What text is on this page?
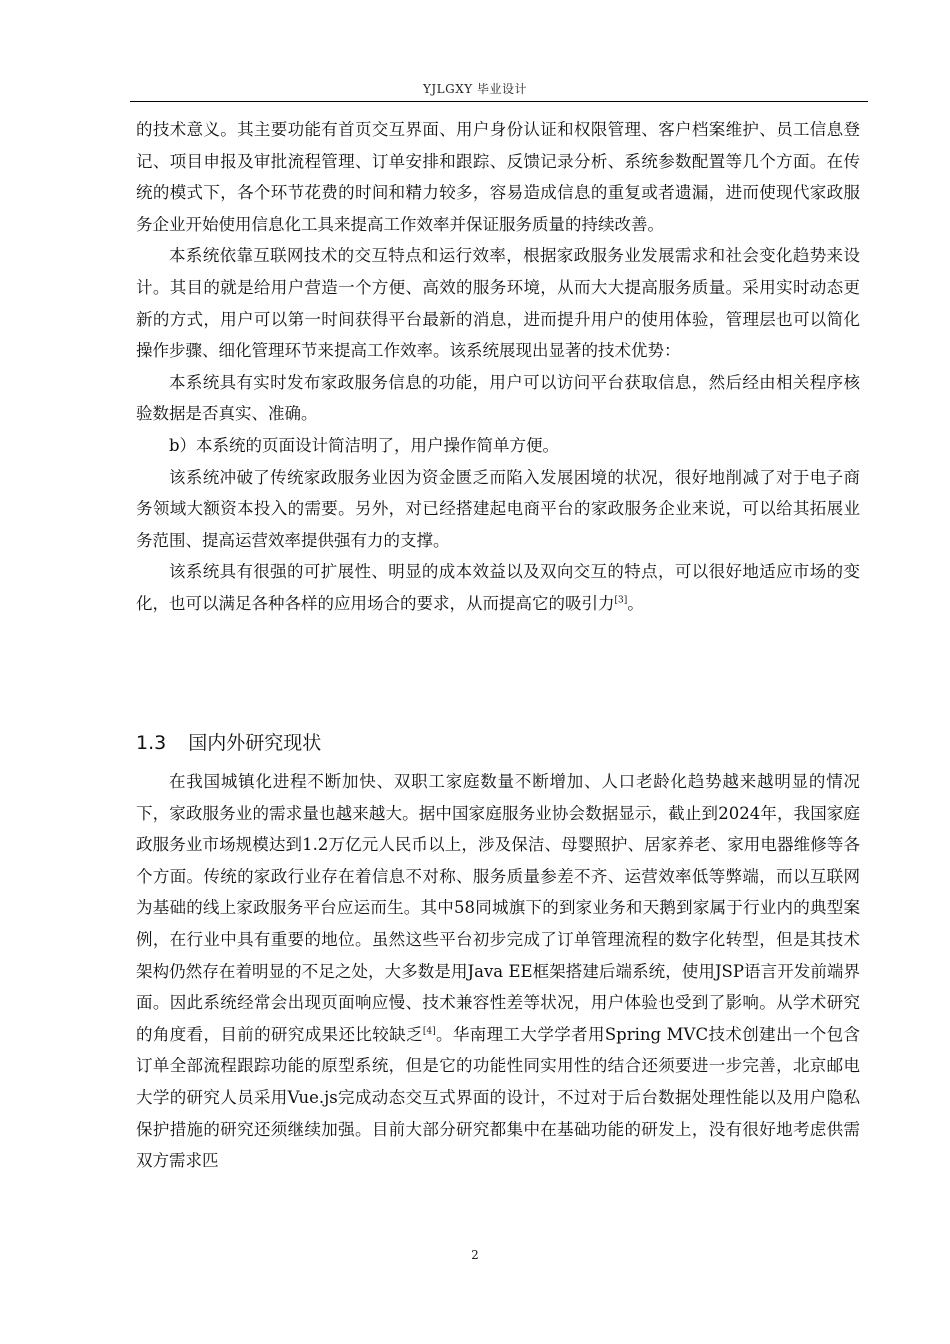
YJLGXY 毕业设计

的技术意义。其主要功能有首页交互界面、用户身份认证和权限管理、客户档案维护、员工信息登记、项目申报及审批流程管理、订单安排和跟踪、反馈记录分析、系统参数配置等几个方面。在传统的模式下，各个环节花费的时间和精力较多，容易造成信息的重复或者遗漏，进而使现代家政服务企业开始使用信息化工具来提高工作效率并保证服务质量的持续改善。

本系统依靠互联网技术的交互特点和运行效率，根据家政服务业发展需求和社会变化趋势来设计。其目的就是给用户营造一个方便、高效的服务环境，从而大大提高服务质量。采用实时动态更新的方式，用户可以第一时间获得平台最新的消息，进而提升用户的使用体验，管理层也可以简化操作步骤、细化管理环节来提高工作效率。该系统展现出显著的技术优势：

本系统具有实时发布家政服务信息的功能，用户可以访问平台获取信息，然后经由相关程序核验数据是否真实、准确。

b）本系统的页面设计简洁明了，用户操作简单方便。

该系统冲破了传统家政服务业因为资金匮乏而陷入发展困境的状况，很好地削减了对于电子商务领域大额资本投入的需要。另外，对已经搭建起电商平台的家政服务企业来说，可以给其拓展业务范围、提高运营效率提供强有力的支撑。

该系统具有很强的可扩展性、明显的成本效益以及双向交互的特点，可以很好地适应市场的变化，也可以满足各种各样的应用场合的要求，从而提高它的吸引力[3]。

1.3 国内外研究现状

在我国城镇化进程不断加快、双职工家庭数量不断增加、人口老龄化趋势越来越明显的情况下，家政服务业的需求量也越来越大。据中国家庭服务业协会数据显示，截止到2024年，我国家庭政服务业市场规模达到1.2万亿元人民币以上，涉及保洁、母婴照护、居家养老、家用电器维修等各个方面。传统的家政行业存在着信息不对称、服务质量参差不齐、运营效率低等弊端，而以互联网为基础的线上家政服务平台应运而生。其中58同城旗下的到家业务和天鹅到家属于行业内的典型案例，在行业中具有重要的地位。虽然这些平台初步完成了订单管理流程的数字化转型，但是其技术架构仍然存在着明显的不足之处，大多数是用Java EE框架搭建后端系统，使用JSP语言开发前端界面。因此系统经常会出现页面响应慢、技术兼容性差等状况，用户体验也受到了影响。从学术研究的角度看，目前的研究成果还比较缺乏[4]。华南理工大学学者用Spring MVC技术创建出一个包含订单全部流程跟踪功能的原型系统，但是它的功能性同实用性的结合还须要进一步完善，北京邮电大学的研究人员采用Vue.js完成动态交互式界面的设计，不过对于后台数据处理性能以及用户隐私保护措施的研究还须继续加强。目前大部分研究都集中在基础功能的研发上，没有很好地考虑供需双方需求匹

2
